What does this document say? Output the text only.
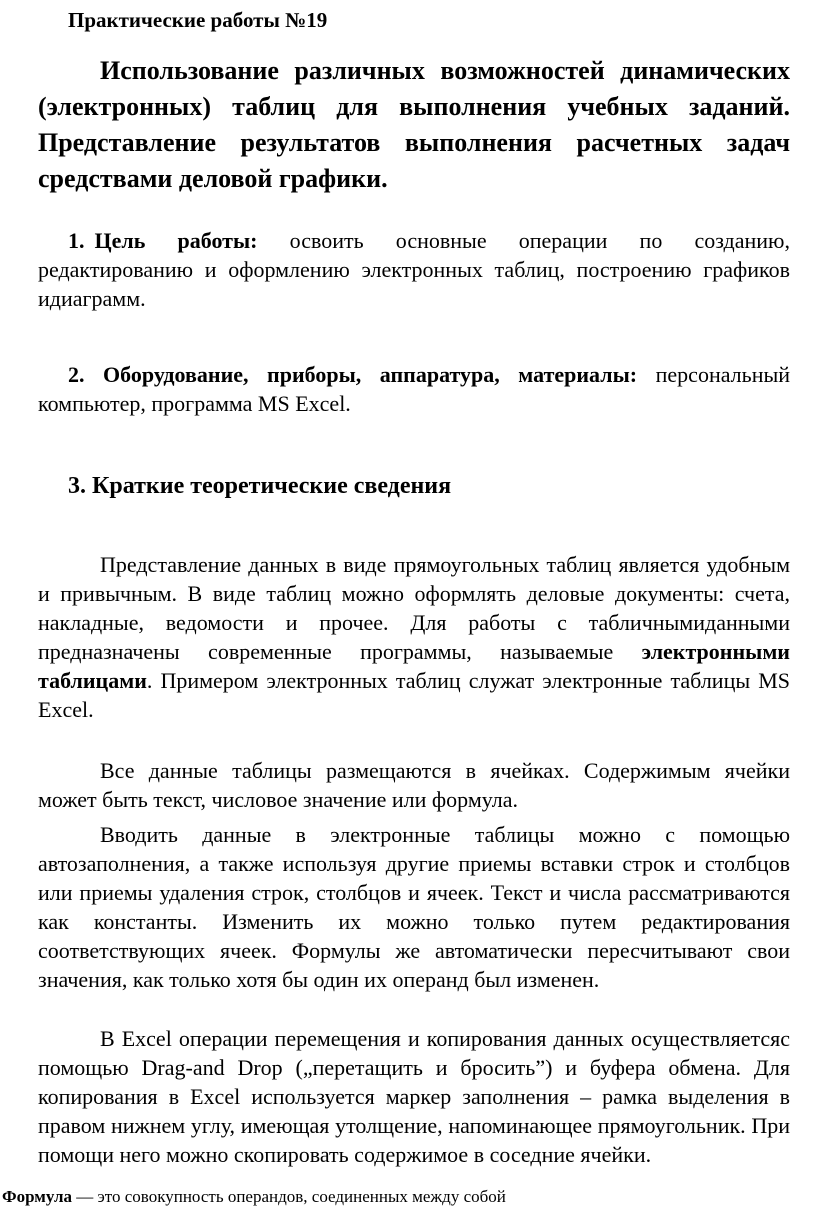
Практические работы №19
Использование различных возможностей динамических (электронных) таблиц для выполнения учебных заданий. Представление результатов выполнения расчетных задач средствами деловой графики.
1. Цель работы: освоить основные операции по созданию, редактированию и оформлению электронных таблиц, построению графиков идиаграмм.
2. Оборудование, приборы, аппаратура, материалы: персональный компьютер, программа MS Excel.
3. Краткие теоретические сведения
Представление данных в виде прямоугольных таблиц является удобным и привычным. В виде таблиц можно оформлять деловые документы: счета, накладные, ведомости и прочее. Для работы с табличнымиданными предназначены современные программы, называемые электронными таблицами. Примером электронных таблиц служат электронные таблицы MS Excel.
Все данные таблицы размещаются в ячейках. Содержимым ячейки может быть текст, числовое значение или формула.
Вводить данные в электронные таблицы можно с помощью автозаполнения, а также используя другие приемы вставки строк и столбцов или приемы удаления строк, столбцов и ячеек. Текст и числа рассматриваются как константы. Изменить их можно только путем редактирования соответствующих ячеек. Формулы же автоматически пересчитывают свои значения, как только хотя бы один их операнд был изменен.
В Excel операции перемещения и копирования данных осуществляетсяс помощью Drag-and Drop („перетащить и бросить”) и буфера обмена. Для копирования в Excel используется маркер заполнения – рамка выделения в правом нижнем углу, имеющая утолщение, напоминающее прямоугольник. При помощи него можно скопировать содержимое в соседние ячейки.
Формула — это совокупность операндов, соединенных между собой
